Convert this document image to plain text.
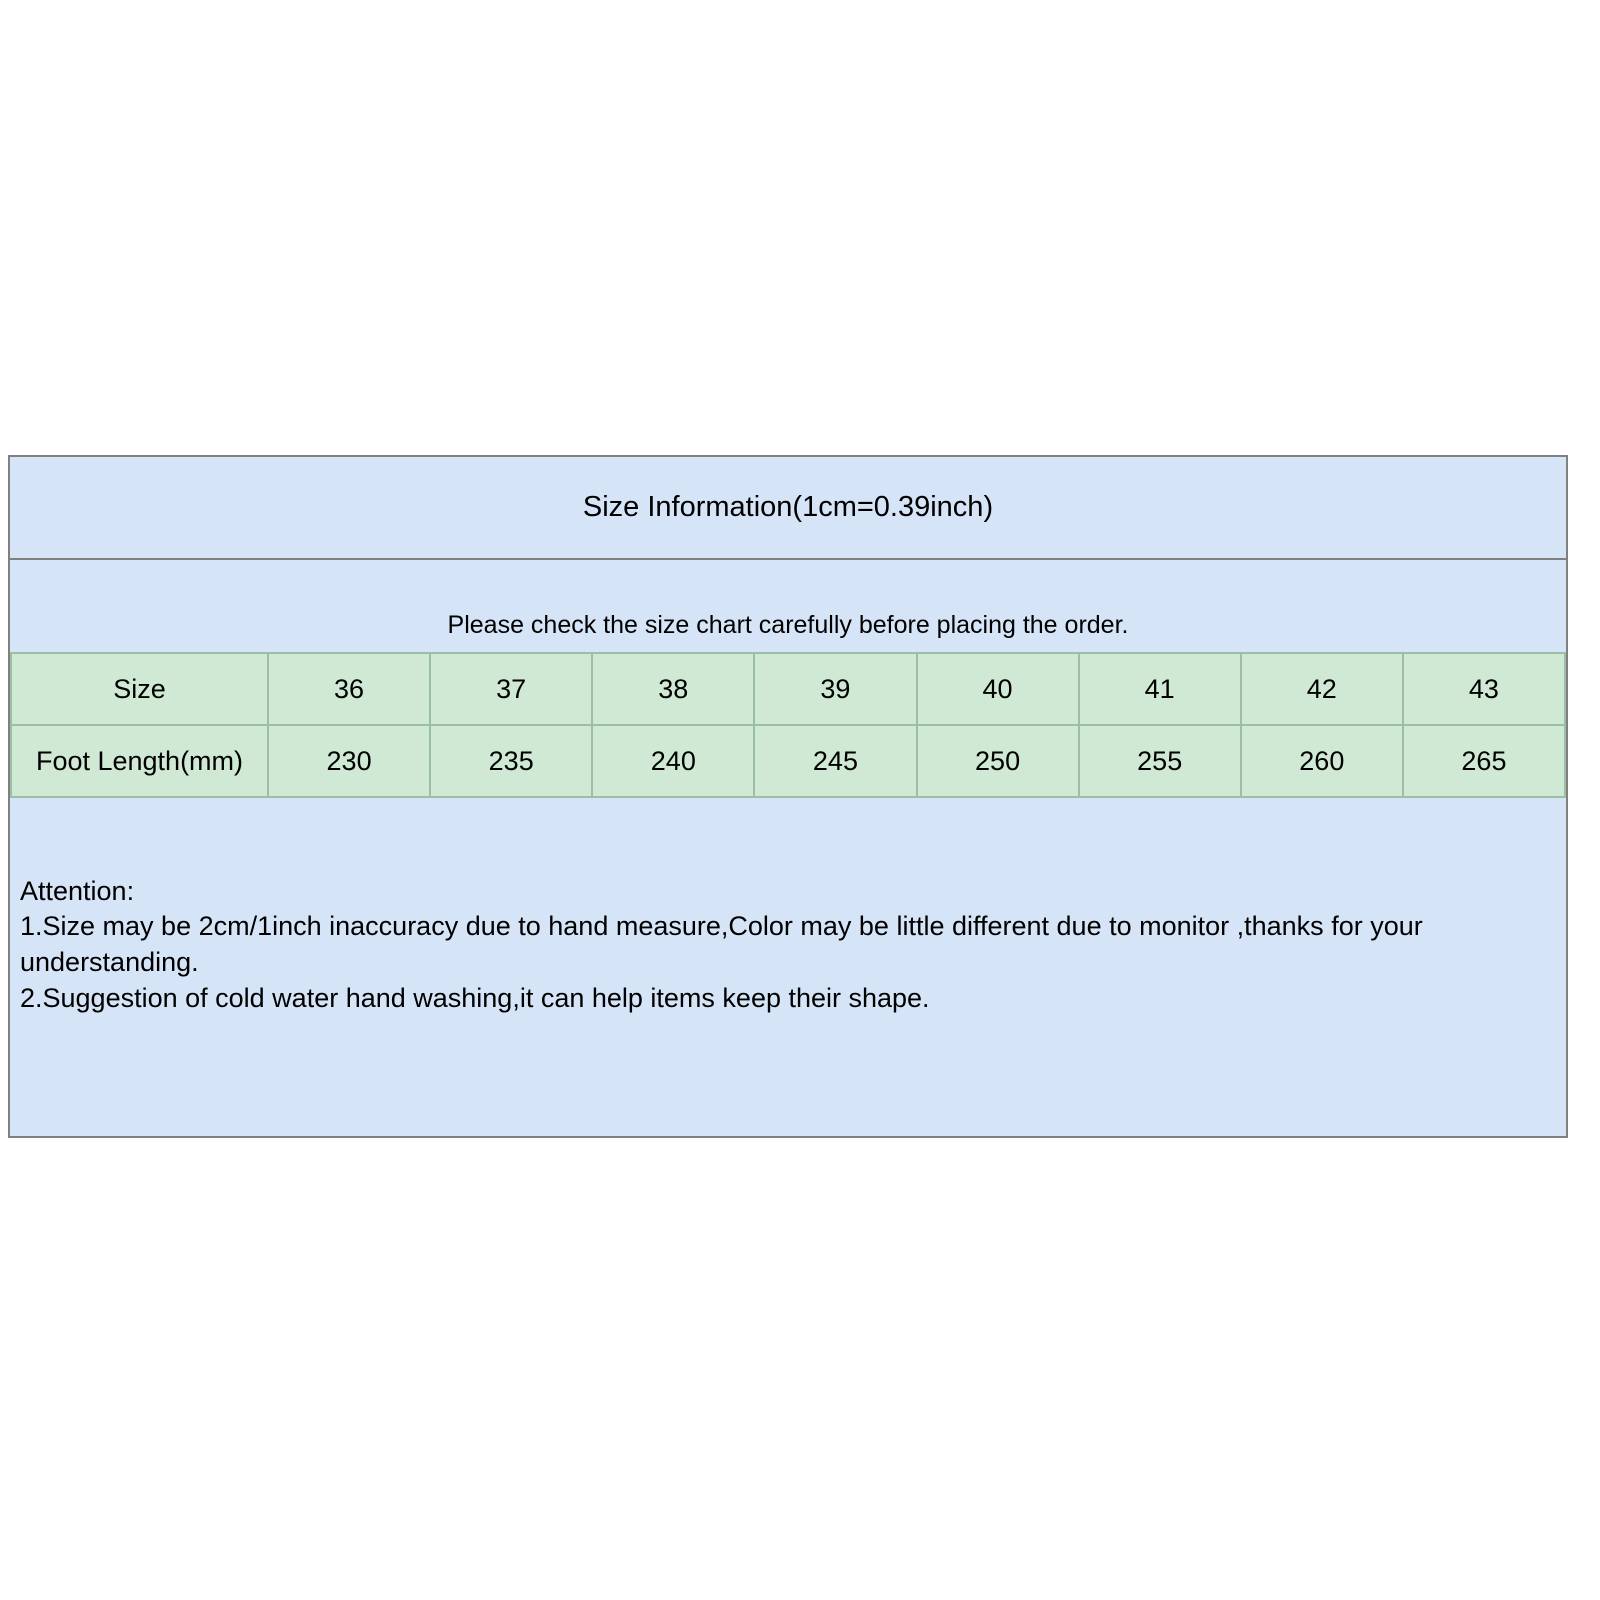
Size Information(1cm=0.39inch)
Please check the size chart carefully before placing the order.
Size	36	37	38	39	40	41	42	43
Foot Length(mm)	230	235	240	245	250	255	260	265
Attention:
1.Size may be 2cm/1inch inaccuracy due to hand measure,Color may be little different due to monitor ,thanks for your understanding.
2.Suggestion of cold water hand washing,it can help items keep their shape.
